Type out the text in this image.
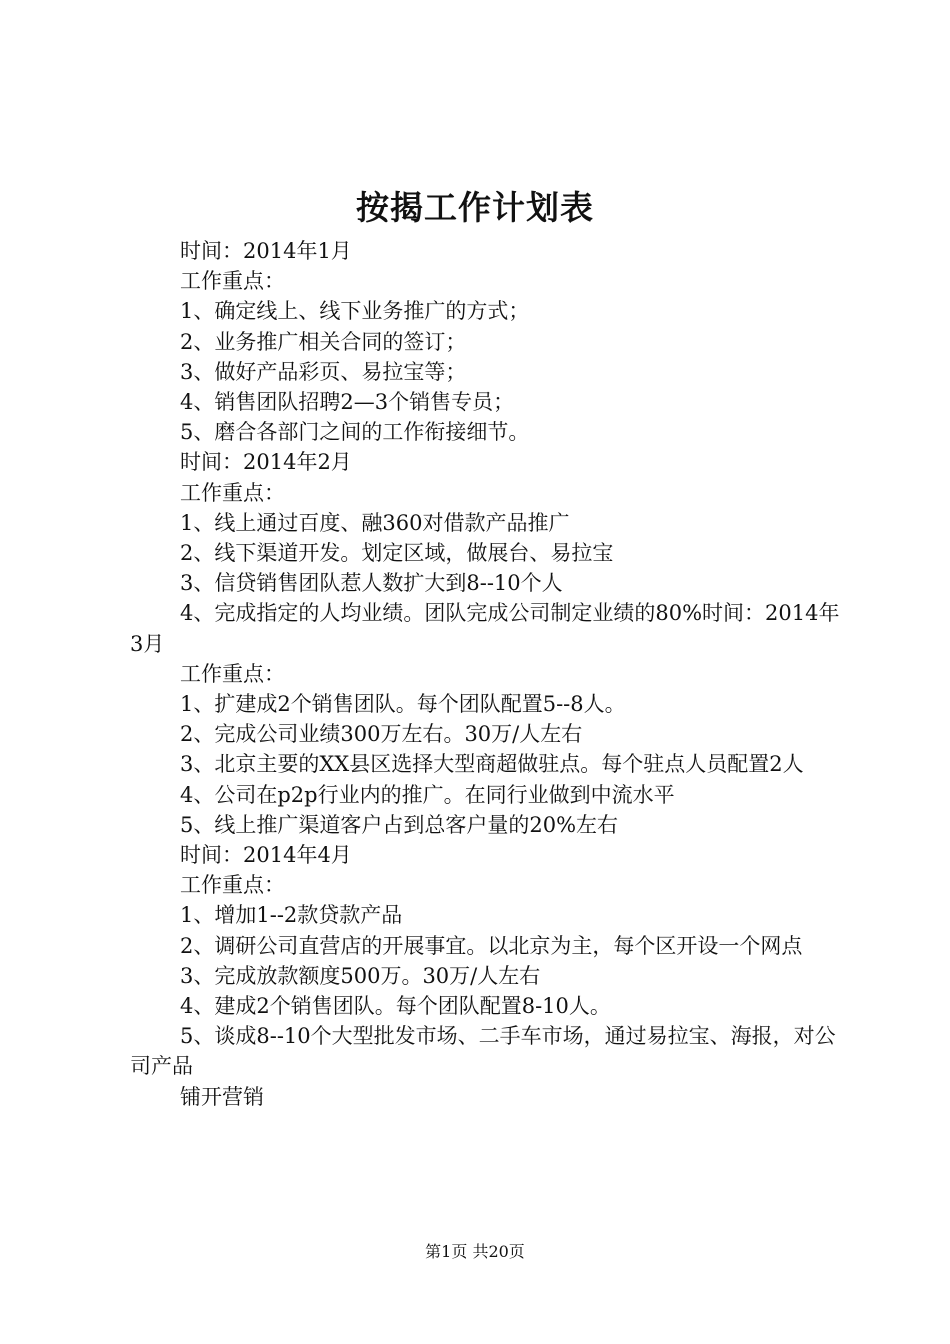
按揭工作计划表

时间：2014年1月

工作重点：

1、确定线上、线下业务推广的方式；

2、业务推广相关合同的签订；

3、做好产品彩页、易拉宝等；

4、销售团队招聘2—3个销售专员；

5、磨合各部门之间的工作衔接细节。

时间：2014年2月

工作重点：

1、线上通过百度、融360对借款产品推广

2、线下渠道开发。划定区域，做展台、易拉宝

3、信贷销售团队惹人数扩大到8--10个人

4、完成指定的人均业绩。团队完成公司制定业绩的80%时间：2014年3月

工作重点：

1、扩建成2个销售团队。每个团队配置5--8人。

2、完成公司业绩300万左右。30万/人左右

3、北京主要的XX县区选择大型商超做驻点。每个驻点人员配置2人

4、公司在p2p行业内的推广。在同行业做到中流水平

5、线上推广渠道客户占到总客户量的20%左右

时间：2014年4月

工作重点：

1、增加1--2款贷款产品

2、调研公司直营店的开展事宜。以北京为主，每个区开设一个网点

3、完成放款额度500万。30万/人左右

4、建成2个销售团队。每个团队配置8-10人。

5、谈成8--10个大型批发市场、二手车市场，通过易拉宝、海报，对公司产品

铺开营销

第1页 共20页
